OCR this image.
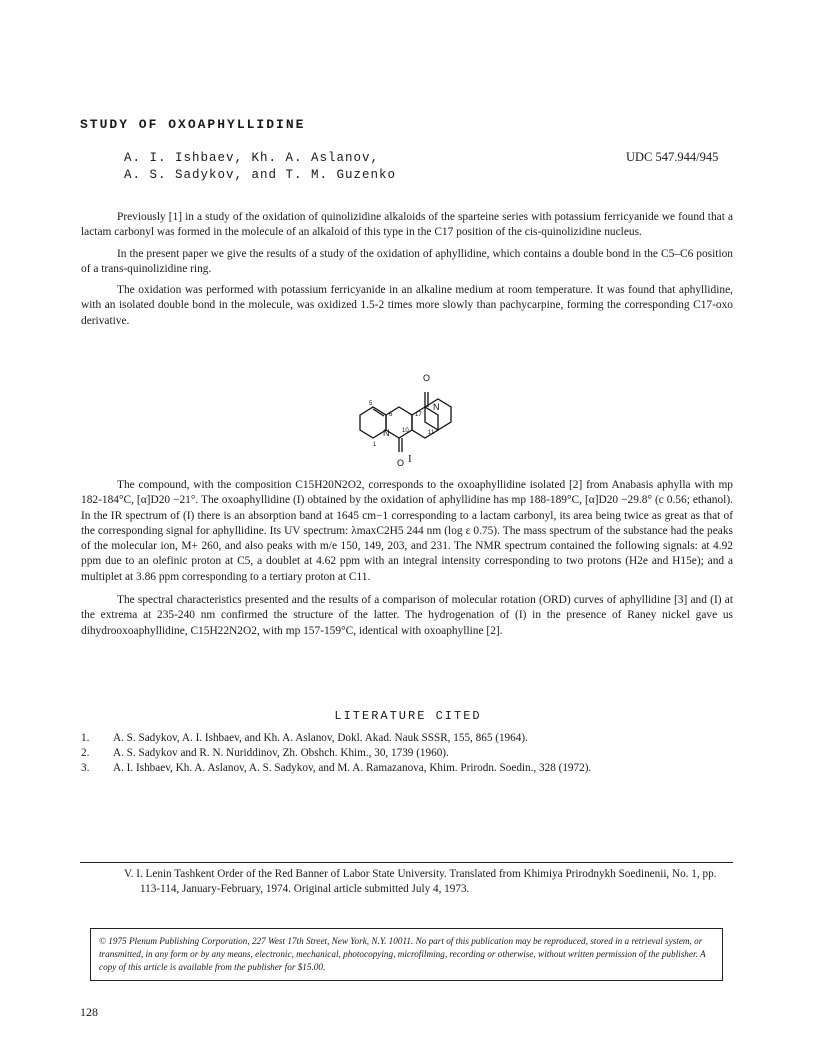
STUDY OF OXOAPHYLLIDINE
A. I. Ishbaev, Kh. A. Aslanov,
A. S. Sadykov, and T. M. Guzenko
UDC 547.944/945

Previously [1] in a study of the oxidation of quinolizidine alkaloids of the sparteine series with potassium ferricyanide we found that a lactam carbonyl was formed in the molecule of an alkaloid of this type in the C17 position of the cis-quinolizidine nucleus.

In the present paper we give the results of a study of the oxidation of aphyllidine, which contains a double bond in the C5–C6 position of a trans-quinolizidine ring.

The oxidation was performed with potassium ferricyanide in an alkaline medium at room temperature. It was found that aphyllidine, with an isolated double bond in the molecule, was oxidized 1.5-2 times more slowly than pachycarpine, forming the corresponding C17-oxo derivative.

O
O
N
N
5
6	17
10	11
1
I

The compound, with the composition C15H20N2O2, corresponds to the oxoaphyllidine isolated [2] from Anabasis aphylla with mp 182-184°C, [α]D20 −21°. The oxoaphyllidine (I) obtained by the oxidation of aphyllidine has mp 188-189°C, [α]D20 −29.8° (c 0.56; ethanol). In the IR spectrum of (I) there is an absorption band at 1645 cm−1 corresponding to a lactam carbonyl, its area being twice as great as that of the corresponding signal for aphyllidine. Its UV spectrum: λmaxC2H5 244 nm (log ε 0.75). The mass spectrum of the substance had the peaks of the molecular ion, M+ 260, and also peaks with m/e 150, 149, 203, and 231. The NMR spectrum contained the following signals: at 4.92 ppm due to an olefinic proton at C5, a doublet at 4.62 ppm with an integral intensity corresponding to two protons (H2e and H15e); and a multiplet at 3.86 ppm corresponding to a tertiary proton at C11.

The spectral characteristics presented and the results of a comparison of molecular rotation (ORD) curves of aphyllidine [3] and (I) at the extrema at 235-240 nm confirmed the structure of the latter. The hydrogenation of (I) in the presence of Raney nickel gave us dihydrooxoaphyllidine, C15H22N2O2, with mp 157-159°C, identical with oxoaphylline [2].

LITERATURE CITED
1.	A. S. Sadykov, A. I. Ishbaev, and Kh. A. Aslanov, Dokl. Akad. Nauk SSSR, 155, 865 (1964).
2.	A. S. Sadykov and R. N. Nuriddinov, Zh. Obshch. Khim., 30, 1739 (1960).
3.	A. I. Ishbaev, Kh. A. Aslanov, A. S. Sadykov, and M. A. Ramazanova, Khim. Prirodn. Soedin., 328 (1972).

V. I. Lenin Tashkent Order of the Red Banner of Labor State University. Translated from Khimiya Prirodnykh Soedinenii, No. 1, pp. 113-114, January-February, 1974. Original article submitted July 4, 1973.

© 1975 Plenum Publishing Corporation, 227 West 17th Street, New York, N.Y. 10011. No part of this publication may be reproduced, stored in a retrieval system, or transmitted, in any form or by any means, electronic, mechanical, photocopying, microfilming, recording or otherwise, without written permission of the publisher. A copy of this article is available from the publisher for $15.00.
128
